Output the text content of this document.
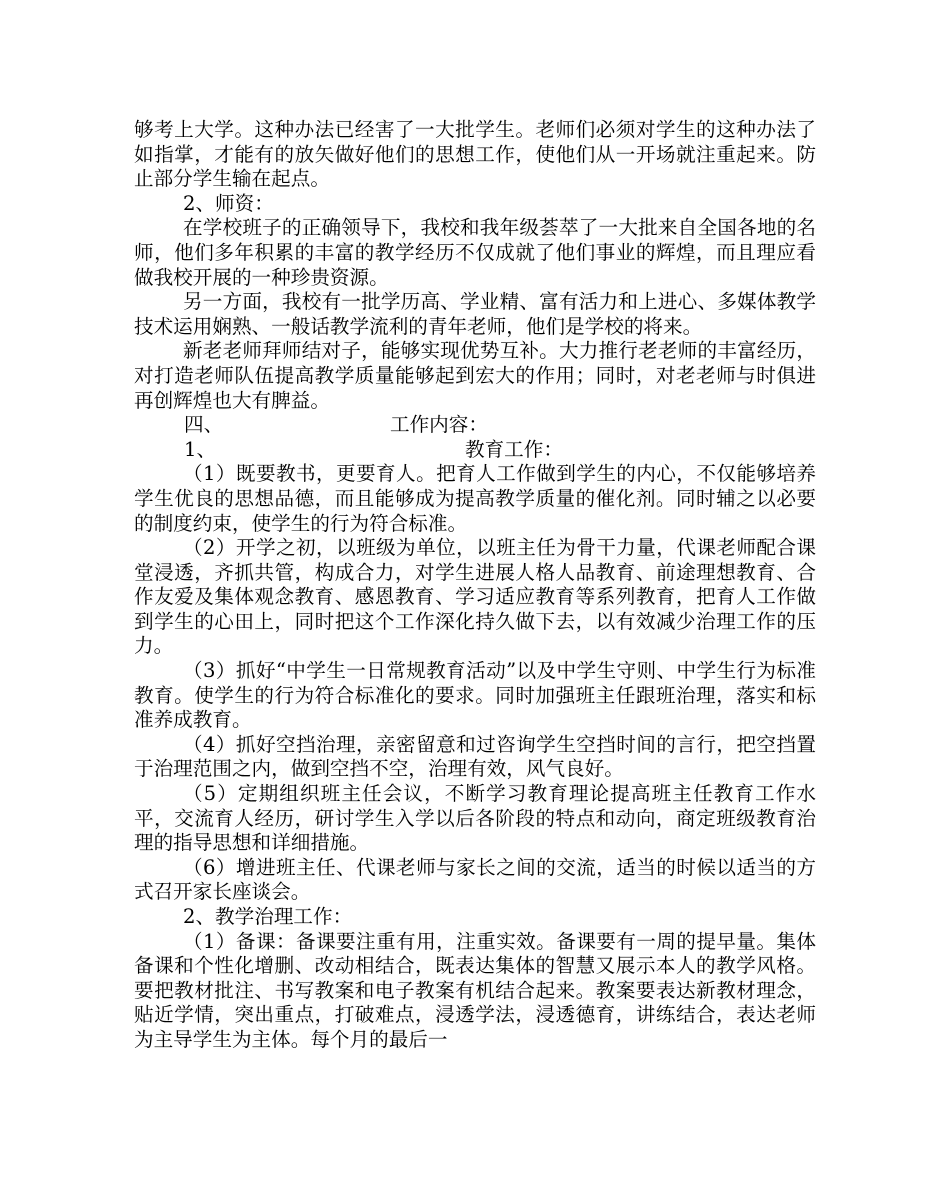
够考上大学。这种办法已经害了一大批学生。老师们必须对学生的这种办法了如指掌，才能有的放矢做好他们的思想工作，使他们从一开场就注重起来。防止部分学生输在起点。

2、师资：

在学校班子的正确领导下，我校和我年级荟萃了一大批来自全国各地的名师，他们多年积累的丰富的教学经历不仅成就了他们事业的辉煌，而且理应看做我校开展的一种珍贵资源。

另一方面，我校有一批学历高、学业精、富有活力和上进心、多媒体教学技术运用娴熟、一般话教学流利的青年老师，他们是学校的将来。

新老老师拜师结对子，能够实现优势互补。大力推行老老师的丰富经历，对打造老师队伍提高教学质量能够起到宏大的作用；同时，对老老师与时俱进再创辉煌也大有脾益。

四、	工作内容：

1、	教育工作：

（1）既要教书，更要育人。把育人工作做到学生的内心，不仅能够培养学生优良的思想品德，而且能够成为提高教学质量的催化剂。同时辅之以必要的制度约束，使学生的行为符合标准。

（2）开学之初，以班级为单位，以班主任为骨干力量，代课老师配合课堂浸透，齐抓共管，构成合力，对学生进展人格人品教育、前途理想教育、合作友爱及集体观念教育、感恩教育、学习适应教育等系列教育，把育人工作做到学生的心田上，同时把这个工作深化持久做下去，以有效减少治理工作的压力。

（3）抓好“中学生一日常规教育活动”以及中学生守则、中学生行为标准教育。使学生的行为符合标准化的要求。同时加强班主任跟班治理，落实和标准养成教育。

（4）抓好空挡治理，亲密留意和过咨询学生空挡时间的言行，把空挡置于治理范围之内，做到空挡不空，治理有效，风气良好。

（5）定期组织班主任会议，不断学习教育理论提高班主任教育工作水平，交流育人经历，研讨学生入学以后各阶段的特点和动向，商定班级教育治理的指导思想和详细措施。

（6）增进班主任、代课老师与家长之间的交流，适当的时候以适当的方式召开家长座谈会。

2、教学治理工作：

（1）备课：备课要注重有用，注重实效。备课要有一周的提早量。集体备课和个性化增删、改动相结合，既表达集体的智慧又展示本人的教学风格。要把教材批注、书写教案和电子教案有机结合起来。教案要表达新教材理念，贴近学情，突出重点，打破难点，浸透学法，浸透德育，讲练结合，表达老师为主导学生为主体。每个月的最后一
